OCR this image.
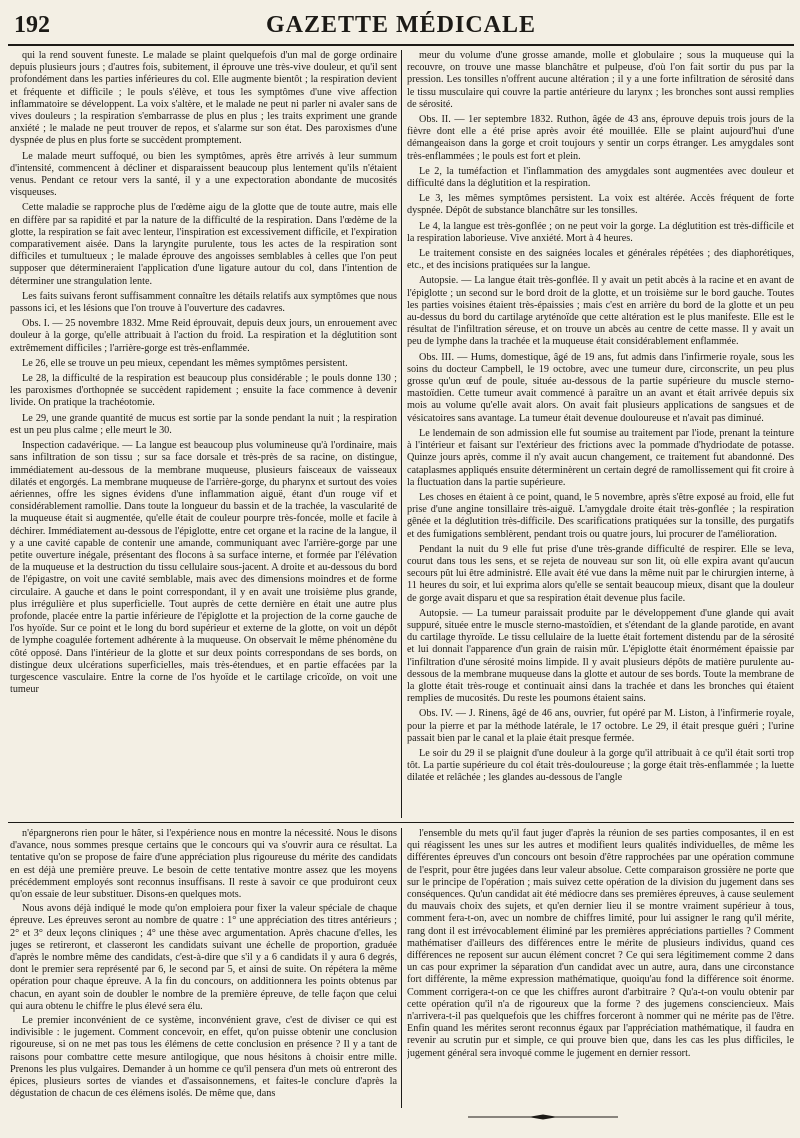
192	GAZETTE MÉDICALE

qui la rend souvent funeste. Le malade se plaint quelquefois d'un mal de gorge ordinaire depuis plusieurs jours ; d'autres fois, subitement, il éprouve une très-vive douleur, et qu'il sent profondément dans les parties inférieures du col. Elle augmente bientôt ; la respiration devient et fréquente et difficile ; le pouls s'élève, et tous les symptômes d'une vive affection inflammatoire se développent. La voix s'altère, et le malade ne peut ni parler ni avaler sans de vives douleurs ; la respiration s'embarrasse de plus en plus ; les traits expriment une grande anxiété ; le malade ne peut trouver de repos, et s'alarme sur son état. Des paroxismes d'une dyspnée de plus en plus forte se succèdent promptement.

Le malade meurt suffoqué, ou bien les symptômes, après être arrivés à leur summum d'intensité, commencent à décliner et disparaissent beaucoup plus lentement qu'ils n'étaient venus. Pendant ce retour vers la santé, il y a une expectoration abondante de mucosités visqueuses.

Cette maladie se rapproche plus de l'œdème aigu de la glotte que de toute autre, mais elle en diffère par sa rapidité et par la nature de la difficulté de la respiration. Dans l'œdème de la glotte, la respiration se fait avec lenteur, l'inspiration est excessivement difficile, et l'expiration comparativement aisée. Dans la laryngite purulente, tous les actes de la respiration sont difficiles et tumultueux ; le malade éprouve des angoisses semblables à celles que l'on peut supposer que détermineraient l'application d'une ligature autour du col, dans l'intention de déterminer une strangulation lente.

Les faits suivans feront suffisamment connaître les détails relatifs aux symptômes que nous passons ici, et les lésions que l'on trouve à l'ouverture des cadavres.

Obs. I. — 25 novembre 1832. Mme Reid éprouvait, depuis deux jours, un enrouement avec douleur à la gorge, qu'elle attribuait à l'action du froid. La respiration et la déglutition sont extrêmement difficiles ; l'arrière-gorge est très-enflammée.

Le 26, elle se trouve un peu mieux, cependant les mêmes symptômes persistent.

Le 28, la difficulté de la respiration est beaucoup plus considérable ; le pouls donne 130 ; les paroxismes d'orthopnée se succèdent rapidement ; ensuite la face commence à devenir livide. On pratique la trachéotomie.

Le 29, une grande quantité de mucus est sortie par la sonde pendant la nuit ; la respiration est un peu plus calme ; elle meurt le 30.

Inspection cadavérique. — La langue est beaucoup plus volumineuse qu'à l'ordinaire, mais sans infiltration de son tissu ; sur sa face dorsale et très-près de sa racine, on distingue, immédiatement au-dessous de la membrane muqueuse, plusieurs faisceaux de vaisseaux dilatés et engorgés. La membrane muqueuse de l'arrière-gorge, du pharynx et surtout des voies aériennes, offre les signes évidens d'une inflammation aiguë, étant d'un rouge vif et considérablement ramollie. Dans toute la longueur du bassin et de la trachée, la vascularité de la muqueuse était si augmentée, qu'elle était de couleur pourpre très-foncée, molle et facile à déchirer. Immédiatement au-dessous de l'épiglotte, entre cet organe et la racine de la langue, il y a une cavité capable de contenir une amande, communiquant avec l'arrière-gorge par une petite ouverture inégale, présentant des flocons à sa surface interne, et formée par l'élévation de la muqueuse et la destruction du tissu cellulaire sous-jacent. A droite et au-dessous du bord de l'épigastre, on voit une cavité semblable, mais avec des dimensions moindres et de forme circulaire. A gauche et dans le point correspondant, il y en avait une troisième plus grande, plus irrégulière et plus superficielle. Tout auprès de cette dernière en était une autre plus profonde, placée entre la partie inférieure de l'épiglotte et la projection de la corne gauche de l'os hyoïde. Sur ce point et le long du bord supérieur et externe de la glotte, on voit un dépôt de lymphe coagulée fortement adhérente à la muqueuse. On observait le même phénomène du côté opposé. Dans l'intérieur de la glotte et sur deux points correspondans de ses bords, on distingue deux ulcérations superficielles, mais très-étendues, et en partie effacées par la turgescence vasculaire. Entre la corne de l'os hyoïde et le cartilage cricoïde, on voit une tumeur

meur du volume d'une grosse amande, molle et globulaire ; sous la muqueuse qui la recouvre, on trouve une masse blanchâtre et pulpeuse, d'où l'on fait sortir du pus par la pression. Les tonsilles n'offrent aucune altération ; il y a une forte infiltration de sérosité dans le tissu musculaire qui couvre la partie antérieure du larynx ; les bronches sont aussi remplies de sérosité.

Obs. II. — 1er septembre 1832. Ruthon, âgée de 43 ans, éprouve depuis trois jours de la fièvre dont elle a été prise après avoir été mouillée. Elle se plaint aujourd'hui d'une démangeaison dans la gorge et croit toujours y sentir un corps étranger. Les amygdales sont très-enflammées ; le pouls est fort et plein.

Le 2, la tuméfaction et l'inflammation des amygdales sont augmentées avec douleur et difficulté dans la déglutition et la respiration.

Le 3, les mêmes symptômes persistent. La voix est altérée. Accès fréquent de forte dyspnée. Dépôt de substance blanchâtre sur les tonsilles.

Le 4, la langue est très-gonflée ; on ne peut voir la gorge. La déglutition est très-difficile et la respiration laborieuse. Vive anxiété. Mort à 4 heures.

Le traitement consiste en des saignées locales et générales répétées ; des diaphorétiques, etc., et des incisions pratiquées sur la langue.

Autopsie. — La langue était très-gonflée. Il y avait un petit abcès à la racine et en avant de l'épiglotte ; un second sur le bord droit de la glotte, et un troisième sur le bord gauche. Toutes les parties voisines étaient très-épaissies ; mais c'est en arrière du bord de la glotte et un peu au-dessus du bord du cartilage aryténoïde que cette altération est le plus manifeste. Elle est le résultat de l'infiltration séreuse, et on trouve un abcès au centre de cette masse. Il y avait un peu de lymphe dans la trachée et la muqueuse était considérablement enflammée.

Obs. III. — Hums, domestique, âgé de 19 ans, fut admis dans l'infirmerie royale, sous les soins du docteur Campbell, le 19 octobre, avec une tumeur dure, circonscrite, un peu plus grosse qu'un œuf de poule, située au-dessous de la partie supérieure du muscle sterno-mastoïdien. Cette tumeur avait commencé à paraître un an avant et était arrivée depuis six mois au volume qu'elle avait alors. On avait fait plusieurs applications de sangsues et de vésicatoires sans avantage. La tumeur était devenue douloureuse et n'avait pas diminué.

Le lendemain de son admission elle fut soumise au traitement par l'iode, prenant la teinture à l'intérieur et faisant sur l'extérieur des frictions avec la pommade d'hydriodate de potasse. Quinze jours après, comme il n'y avait aucun changement, ce traitement fut abandonné. Des cataplasmes appliqués ensuite déterminèrent un certain degré de ramollissement qui fit croire à la fluctuation dans la partie supérieure.

Les choses en étaient à ce point, quand, le 5 novembre, après s'être exposé au froid, elle fut prise d'une angine tonsillaire très-aiguë. L'amygdale droite était très-gonflée ; la respiration gênée et la déglutition très-difficile. Des scarifications pratiquées sur la tonsille, des purgatifs et des fumigations semblèrent, pendant trois ou quatre jours, lui procurer de l'amélioration.

Pendant la nuit du 9 elle fut prise d'une très-grande difficulté de respirer. Elle se leva, courut dans tous les sens, et se rejeta de nouveau sur son lit, où elle expira avant qu'aucun secours pût lui être administré. Elle avait été vue dans la même nuit par le chirurgien interne, à 11 heures du soir, et lui exprima alors qu'elle se sentait beaucoup mieux, disant que la douleur de gorge avait disparu et que sa respiration était devenue plus facile.

Autopsie. — La tumeur paraissait produite par le développement d'une glande qui avait suppuré, située entre le muscle sterno-mastoïdien, et s'étendant de la glande parotide, en avant du cartilage thyroïde. Le tissu cellulaire de la luette était fortement distendu par de la sérosité et lui donnait l'apparence d'un grain de raisin mûr. L'épiglotte était énormément épaissie par l'infiltration d'une sérosité moins limpide. Il y avait plusieurs dépôts de matière purulente au-dessous de la membrane muqueuse dans la glotte et autour de ses bords. Toute la membrane de la glotte était très-rouge et continuait ainsi dans la trachée et dans les bronches qui étaient remplies de mucosités. Du reste les poumons étaient sains.

Obs. IV. — J. Rinens, âgé de 46 ans, ouvrier, fut opéré par M. Liston, à l'infirmerie royale, pour la pierre et par la méthode latérale, le 17 octobre. Le 29, il était presque guéri ; l'urine passait bien par le canal et la plaie était presque fermée.

Le soir du 29 il se plaignit d'une douleur à la gorge qu'il attribuait à ce qu'il était sorti trop tôt. La partie supérieure du col était très-douloureuse ; la gorge était très-enflammée ; la luette dilatée et relâchée ; les glandes au-dessous de l'angle

n'épargnerons rien pour le hâter, si l'expérience nous en montre la nécessité. Nous le disons d'avance, nous sommes presque certains que le concours qui va s'ouvrir aura ce résultat. La tentative qu'on se propose de faire d'une appréciation plus rigoureuse du mérite des candidats en est déjà une première preuve. Le besoin de cette tentative montre assez que les moyens précédemment employés sont reconnus insuffisans. Il reste à savoir ce que produiront ceux qu'on essaie de leur substituer. Disons-en quelques mots.

Nous avons déjà indiqué le mode qu'on emploiera pour fixer la valeur spéciale de chaque épreuve. Les épreuves seront au nombre de quatre : 1° une appréciation des titres antérieurs ; 2° et 3° deux leçons cliniques ; 4° une thèse avec argumentation. Après chacune d'elles, les juges se retireront, et classeront les candidats suivant une échelle de proportion, graduée d'après le nombre même des candidats, c'est-à-dire que s'il y a 6 candidats il y aura 6 degrés, dont le premier sera représenté par 6, le second par 5, et ainsi de suite. On répétera la même opération pour chaque épreuve. A la fin du concours, on additionnera les points obtenus par chacun, en ayant soin de doubler le nombre de la première épreuve, de telle façon que celui qui aura obtenu le chiffre le plus élevé sera élu.

Le premier inconvénient de ce système, inconvénient grave, c'est de diviser ce qui est indivisible : le jugement. Comment concevoir, en effet, qu'on puisse obtenir une conclusion rigoureuse, si on ne met pas tous les élémens de cette conclusion en présence ? Il y a tant de raisons pour combattre cette mesure antilogique, que nous hésitons à choisir entre mille. Prenons les plus vulgaires. Demander à un homme ce qu'il pensera d'un mets où entreront des épices, plusieurs sortes de viandes et d'assaisonnemens, et faites-le conclure d'après la dégustation de chacun de ces élémens isolés. De même que, dans

l'ensemble du mets qu'il faut juger d'après la réunion de ses parties composantes, il en est qui réagissent les unes sur les autres et modifient leurs qualités individuelles, de même les différentes épreuves d'un concours ont besoin d'être rapprochées par une opération commune de l'esprit, pour être jugées dans leur valeur absolue. Cette comparaison grossière ne porte que sur le principe de l'opération ; mais suivez cette opération de la division du jugement dans ses conséquences. Qu'un candidat ait été médiocre dans ses premières épreuves, à cause seulement du mauvais choix des sujets, et qu'en dernier lieu il se montre vraiment supérieur à tous, comment fera-t-on, avec un nombre de chiffres limité, pour lui assigner le rang qu'il mérite, rang dont il est irrévocablement éliminé par les premières appréciations partielles ? Comment mathématiser d'ailleurs des différences entre le mérite de plusieurs individus, quand ces différences ne reposent sur aucun élément concret ? Ce qui sera légitimement comme 2 dans un cas pour exprimer la séparation d'un candidat avec un autre, aura, dans une circonstance fort différente, la même expression mathématique, quoiqu'au fond la différence soit énorme. Comment corrigera-t-on ce que les chiffres auront d'arbitraire ? Qu'a-t-on voulu obtenir par cette opération qu'il n'a de rigoureux que la forme ? des jugemens consciencieux. Mais n'arrivera-t-il pas quelquefois que les chiffres forceront à nommer qui ne mérite pas de l'être. Enfin quand les mérites seront reconnus égaux par l'appréciation mathématique, il faudra en revenir au scrutin pur et simple, ce qui prouve bien que, dans les cas les plus difficiles, le jugement général sera invoqué comme le jugement en dernier ressort.
